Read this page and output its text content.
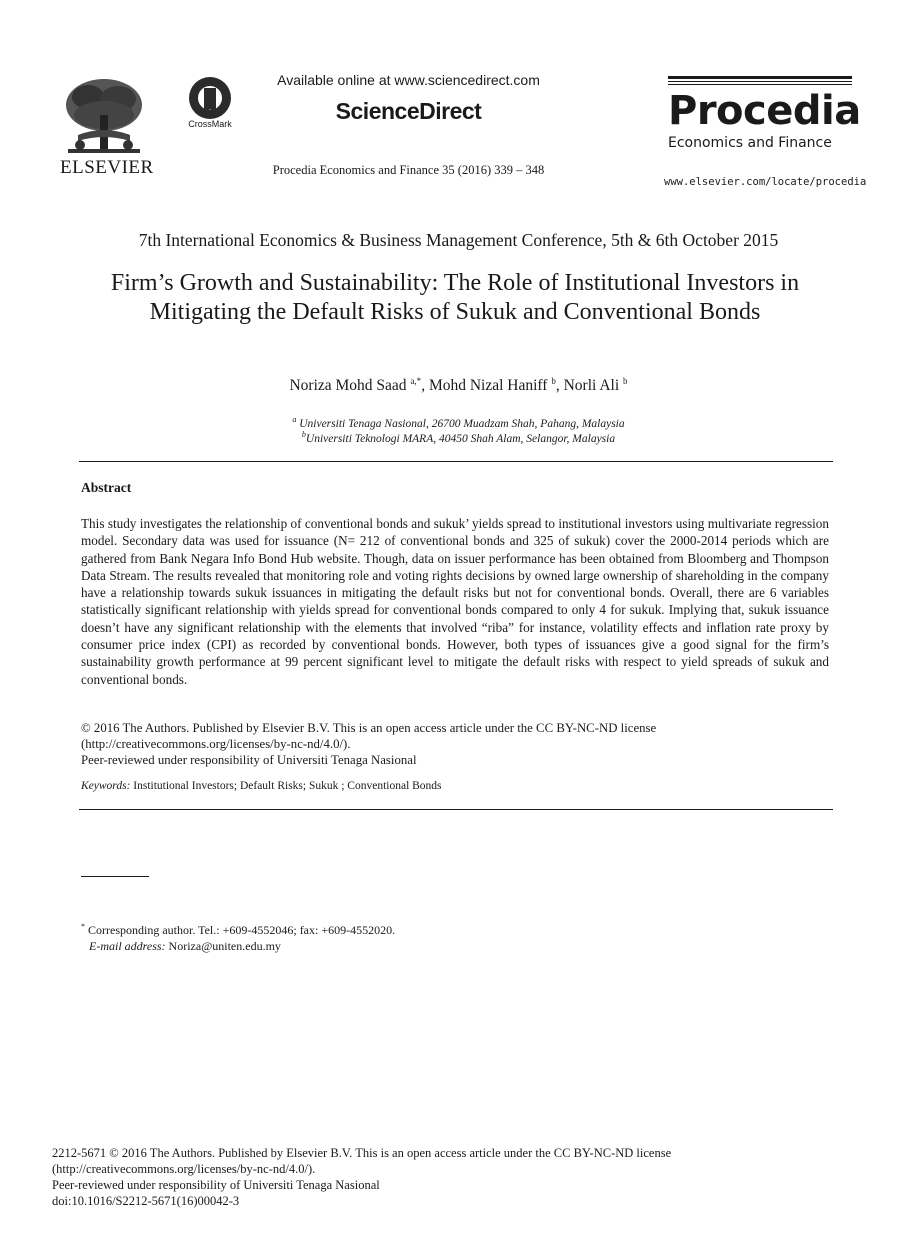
ELSEVIER
CrossMark
Available online at www.sciencedirect.com
ScienceDirect
Procedia Economics and Finance 35 (2016) 339 – 348
Procedia
Economics and Finance
www.elsevier.com/locate/procedia
7th International Economics & Business Management Conference, 5th & 6th October 2015
Firm’s Growth and Sustainability: The Role of Institutional Investors in Mitigating the Default Risks of Sukuk and Conventional Bonds
Noriza Mohd Saad $^{a,*}$, Mohd Nizal Haniff $^b$, Norli Ali $^b$
$^a$ Universiti Tenaga Nasional, 26700 Muadzam Shah, Pahang, Malaysia
$^b$Universiti Teknologi MARA, 40450 Shah Alam, Selangor, Malaysia
Abstract
This study investigates the relationship of conventional bonds and sukuk’ yields spread to institutional investors using multivariate regression model. Secondary data was used for issuance (N= 212 of conventional bonds and 325 of sukuk) cover the 2000-2014 periods which are gathered from Bank Negara Info Bond Hub website. Though, data on issuer performance has been obtained from Bloomberg and Thompson Data Stream. The results revealed that monitoring role and voting rights decisions by owned large ownership of shareholding in the company have a relationship towards sukuk issuances in mitigating the default risks but not for conventional bonds. Overall, there are 6 variables statistically significant relationship with yields spread for conventional bonds compared to only 4 for sukuk. Implying that, sukuk issuance doesn’t have any significant relationship with the elements that involved “riba” for instance, volatility effects and inflation rate proxy by consumer price index (CPI) as recorded by conventional bonds. However, both types of issuances give a good signal for the firm’s sustainability growth performance at 99 percent significant level to mitigate the default risks with respect to yield spreads of sukuk and conventional bonds.
© 2016 The Authors. Published by Elsevier B.V. This is an open access article under the CC BY-NC-ND license
(http://creativecommons.org/licenses/by-nc-nd/4.0/).
Peer-reviewed under responsibility of Universiti Tenaga Nasional
Keywords: Institutional Investors; Default Risks; Sukuk ; Conventional Bonds
* Corresponding author. Tel.: +609-4552046; fax: +609-4552020.
E-mail address: Noriza@uniten.edu.my
2212-5671 © 2016 The Authors. Published by Elsevier B.V. This is an open access article under the CC BY-NC-ND license
(http://creativecommons.org/licenses/by-nc-nd/4.0/).
Peer-reviewed under responsibility of Universiti Tenaga Nasional
doi:10.1016/S2212-5671(16)00042-3
